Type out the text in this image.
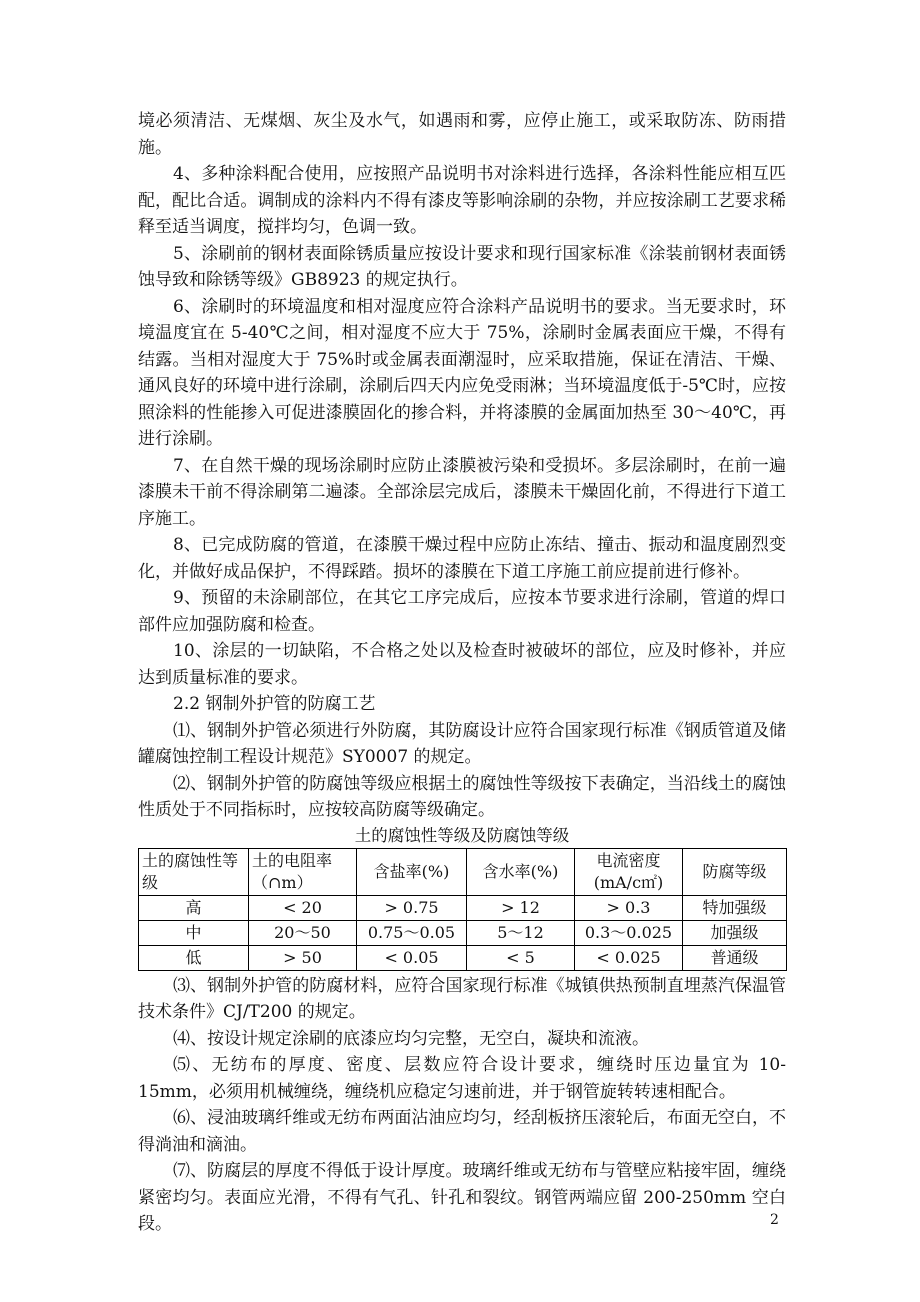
境必须清洁、无煤烟、灰尘及水气，如遇雨和雾，应停止施工，或采取防冻、防雨措施。

4、多种涂料配合使用，应按照产品说明书对涂料进行选择，各涂料性能应相互匹配，配比合适。调制成的涂料内不得有漆皮等影响涂刷的杂物，并应按涂刷工艺要求稀释至适当调度，搅拌均匀，色调一致。

5、涂刷前的钢材表面除锈质量应按设计要求和现行国家标准《涂装前钢材表面锈蚀导致和除锈等级》GB8923 的规定执行。

6、涂刷时的环境温度和相对湿度应符合涂料产品说明书的要求。当无要求时，环境温度宜在 5-40℃之间，相对湿度不应大于 75%，涂刷时金属表面应干燥，不得有结露。当相对湿度大于 75%时或金属表面潮湿时，应采取措施，保证在清洁、干燥、通风良好的环境中进行涂刷，涂刷后四天内应免受雨淋；当环境温度低于-5℃时，应按照涂料的性能掺入可促进漆膜固化的掺合料，并将漆膜的金属面加热至 30～40℃，再进行涂刷。

7、在自然干燥的现场涂刷时应防止漆膜被污染和受损坏。多层涂刷时，在前一遍漆膜未干前不得涂刷第二遍漆。全部涂层完成后，漆膜未干燥固化前，不得进行下道工序施工。

8、已完成防腐的管道，在漆膜干燥过程中应防止冻结、撞击、振动和温度剧烈变化，并做好成品保护，不得踩踏。损坏的漆膜在下道工序施工前应提前进行修补。

9、预留的未涂刷部位，在其它工序完成后，应按本节要求进行涂刷，管道的焊口部件应加强防腐和检查。

10、涂层的一切缺陷，不合格之处以及检查时被破坏的部位，应及时修补，并应达到质量标准的要求。

2.2 钢制外护管的防腐工艺

⑴、钢制外护管必须进行外防腐，其防腐设计应符合国家现行标准《钢质管道及储罐腐蚀控制工程设计规范》SY0007 的规定。

⑵、钢制外护管的防腐蚀等级应根据土的腐蚀性等级按下表确定，当沿线土的腐蚀性质处于不同指标时，应按较高防腐等级确定。

土的腐蚀性等级及防腐蚀等级

土的腐蚀性等级	土的电阻率（∩m）	含盐率(%)	含水率(%)	电流密度(mA/c㎡)	防腐等级
高	< 20	> 0.75	> 12	> 0.3	特加强级
中	20～50	0.75～0.05	5～12	0.3～0.025	加强级
低	> 50	< 0.05	< 5	< 0.025	普通级

⑶、钢制外护管的防腐材料，应符合国家现行标准《城镇供热预制直埋蒸汽保温管技术条件》CJ/T200 的规定。

⑷、按设计规定涂刷的底漆应均匀完整，无空白，凝块和流液。

⑸、无纺布的厚度、密度、层数应符合设计要求，缠绕时压边量宜为 10-15mm，必须用机械缠绕，缠绕机应稳定匀速前进，并于钢管旋转转速相配合。

⑹、浸油玻璃纤维或无纺布两面沾油应均匀，经刮板挤压滚轮后，布面无空白，不得淌油和滴油。

⑺、防腐层的厚度不得低于设计厚度。玻璃纤维或无纺布与管壁应粘接牢固，缠绕紧密均匀。表面应光滑，不得有气孔、针孔和裂纹。钢管两端应留 200-250mm 空白段。	2
